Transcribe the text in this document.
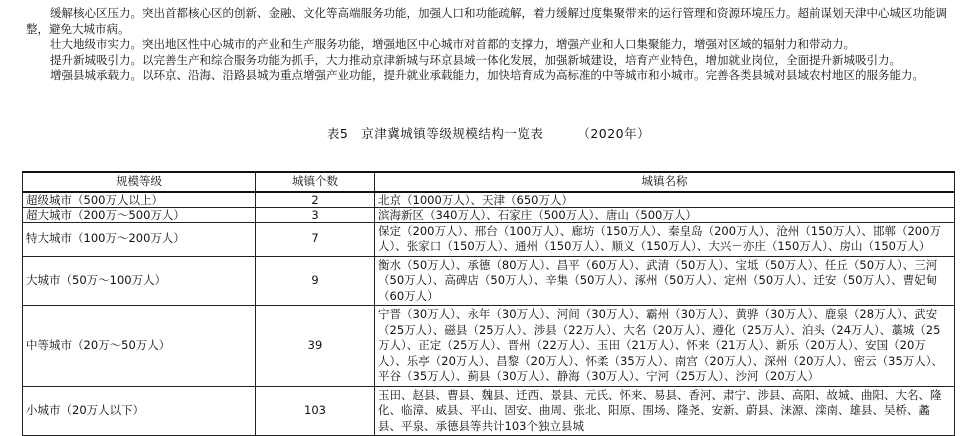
缓解核心区压力。突出首都核心区的创新、金融、文化等高端服务功能，加强人口和功能疏解，着力缓解过度集聚带来的运行管理和资源环境压力。超前谋划天津中心城区功能调整，避免大城市病。

壮大地级市实力。突出地区性中心城市的产业和生产服务功能，增强地区中心城市对首都的支撑力，增强产业和人口集聚能力，增强对区域的辐射力和带动力。

提升新城吸引力。以完善生产和综合服务功能为抓手，大力推动京津新城与环京县域一体化发展，加强新城建设，培育产业特色，增加就业岗位，全面提升新城吸引力。

增强县城承载力。以环京、沿海、沿路县城为重点增强产业功能，提升就业承载能力，加快培育成为高标准的中等城市和小城市。完善各类县城对县域农村地区的服务能力。

表5　京津冀城镇等级规模结构一览表	（2020年）
规模等级	城镇个数	城镇名称
超级城市（500万人以上）	2	北京（1000万人）、天津（650万人）
超大城市（200万～500万人）	3	滨海新区（340万人）、石家庄（500万人）、唐山（500万人）
特大城市（100万～200万人）	7	保定（200万人）、邢台（100万人）、廊坊（150万人）、秦皇岛（200万人）、沧州（150万人）、邯郸（200万人）、张家口（150万人）、通州（150万人）、顺义（150万人）、大兴－亦庄（150万人）、房山（150万人）
大城市（50万～100万人）	9	衡水（50万人）、承德（80万人）、昌平（60万人）、武清（50万人）、宝坻（50万人）、任丘（50万人）、三河（50万人）、高碑店（50万人）、辛集（50万人）、涿州（50万人）、定州（50万人）、迁安（50万人）、曹妃甸（60万人）
中等城市（20万～50万人）	39	宁晋（30万人）、永年（30万人）、河间（30万人）、霸州（30万人）、黄骅（30万人）、鹿泉（28万人）、武安（25万人）、磁县（25万人）、涉县（22万人）、大名（20万人）、遵化（25万人）、泊头（24万人）、藁城（25万人）、正定（25万人）、晋州（22万人）、玉田（21万人）、怀来（21万人）、新乐（20万人）、安国（20万人）、乐亭（20万人）、昌黎（20万人）、怀柔（35万人）、南宫（20万人）、深州（20万人）、密云（35万人）、平谷（35万人）、蓟县（30万人）、静海（30万人）、宁河（25万人）、沙河（20万人）
小城市（20万人以下）	103	玉田、赵县、曹县、魏县、迁西、景县、元氏、怀来、易县、香河、肃宁、涉县、高阳、故城、曲阳、大名、隆化、临漳、威县、平山、固安、曲周、张北、阳原、围场、隆尧、安新、蔚县、涞源、滦南、雄县、吴桥、蠡县、平泉、承德县等共计103个独立县城
